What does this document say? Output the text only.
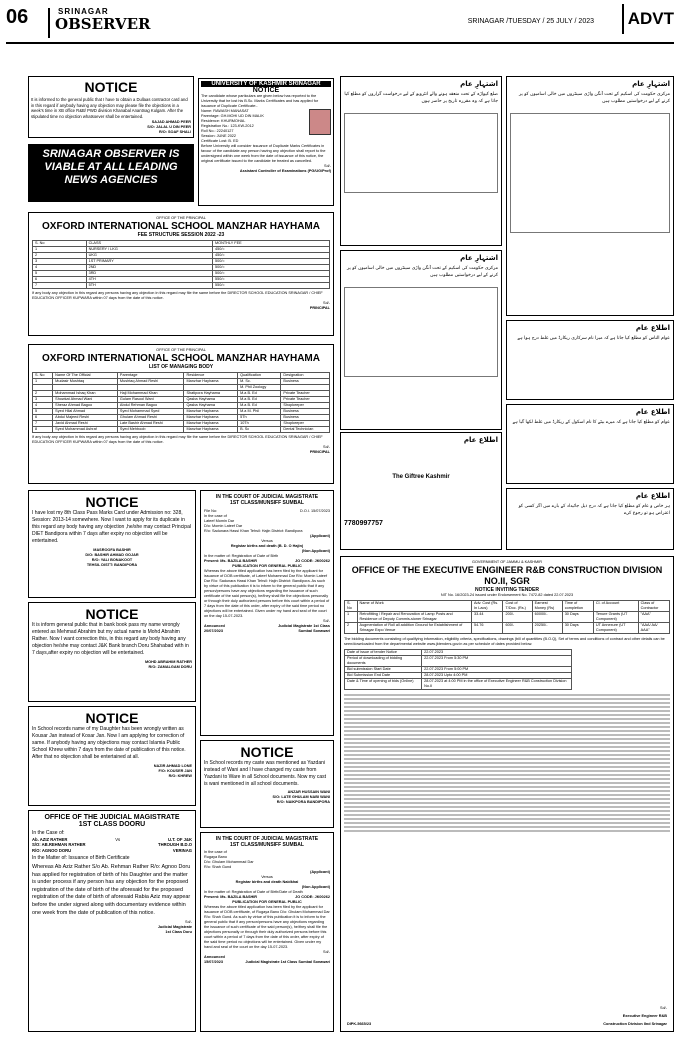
06	SRINAGAR
OBSERVER	SRINAGAR /TUESDAY / 25 JULY / 2023	ADVT
NOTICE
It is informed to the general public that I have to obtain a Dullaas contractor card and in this regard if anybody having any objection may please file the objections in a week's time in XB office R&B/ PWD division Khanabal Anantnag Kulgam. After the stipulated time no objection whatsoever shall be entertained.
SAJAD AHMAD PEER
S/O: JALAL U DIN PEER
R/O: SOAF SHALI
SRINAGAR OBSERVER IS VIABLE AT ALL LEADING NEWS AGENCIES
UNIVERSITY OF KASHMIR SRINAGAR
NOTICE
The candidate whose particulars are given below has reported to the University that he lost his B.Sc. Marks Certificates and has applied for issuance of Duplicate Certificate:-
Name: RAWASH MANASAT
Parentage: GH.MOHI UD DIN MALIK
Residence: KHURMOHAL
Registration No.: 123-KW-2012
Roll No.: 22240127
Session: JUNE 2022
Certificate Lost: B. ED
Before University will consider issuance of Duplicate Marks Certificates in favour of the candidate any person having any objection shall report to the undersigned within one week from the date of issuance of this notice, the original certificate issued to the candidate be treated as cancelled.
Sd/-
Assistant Controller of Examinations (PG/UG/Prof)
OFFICE OF THE PRINCIPAL
OXFORD INTERNATIONAL SCHOOL MANZHAR HAYHAMA
FEE STRUCTURE SESSION 2022 -23
S. No	CLASS	MONTHLY FEE
1	NURSERY / LKG	450/=
2	UKG	450/=
3	1ST PRIMARY	500/=
4	2ND	500/=
5	3RD	500/=
6	4TH	550/=
7	5TH	550/=
If any body any objection in this regard any persons having any objection in this regard may file the same before the DIRECTOR SCHOOL EDUCATION SRINAGAR / CHIEF EDUCATION OFFICER KUPWARA within 07 days from the date of this notice.
Sd/-
PRINCIPAL
OFFICE OF THE PRINCIPAL
OXFORD INTERNATIONAL SCHOOL MANZHAR HAYHAMA
LIST OF MANAGING BODY
S. No	Name Of The Official	Parentage	Residence	Qualification	Designation
1	Mudasir Mushtaq	Mushtaq Ahmad Reshi	Manzhar Hayhama	M. Sc.	Business
				M. Phil Zoology	
2	Mohammad Ishaq Khan	Haji Mohammad Khan	Shatipora Hayhama	M.a B. Ed	Private Teacher
3	Showkat Ahmad Wani	Gulam Rasool Wani	Qasba Hayhama	M.a B. Ed	Private Teacher
4	Sheraz Ahmad Bagoo	Abdul Rehman Bagoo	Qasba Hayhama	M.a B. Ed	Shopkeeper
5	Syed Hilal Ahmad	Syed Mohammad Syed	Manzhar Hayhama	M.a M. Phil	Business
6	Abdul Majeed Reshi	Ghulam Ahmad Reshi	Manzhar Hayhama	5Th	Business
7	Javid Ahmad Reshi	Late Bashir Ahmad Reshi	Manzhar Hayhama	10Th	Shopkeeper
8	Syed Mohammad Ashraf	Syed Mehboob	Manzhar Hayhama	B. Sc	Dental Technician
If any body any objection in this regard any persons having any objection in this regard may file the same before the DIRECTOR SCHOOL EDUCATION SRINAGAR / CHIEF EDUCATION OFFICER KUPWARA within 07 days from the date of this notice.
Sd/-
PRINCIPAL
NOTICE
I have lost my 8th Class Pass Marks Card under Admission no: 328, Session: 2013-14 somewhere. Now I want to apply for its duplicate in this regard any body having any objection ,he/she may contact Principal DIET Bandipora within 7 days after expiry no objection will be entertained.
MASROOFA BASHIR
D/O: BASHIR AHMAD GOJAR
R/O: YALI BONAKOOT
TEHSIL DISTT: BANDIPORA
NOTICE
It is inform general public that in bank book pass my name wrongly entered as Mehmad Abrahim but my actual name is Mohd Abrahim Rather. Now I want correction this, in this regard any body having any objection he/she may contact J&K Bank branch Doru Shahabad with in 7 days,after expiry no objection will be entertained.
MOHD ABRAHIM RATHER
R/O: ZAMALGAM DORU
NOTICE
In School records name of my Daughter has been wrongly written as Kousar Jan instead of Kosar Jan. Now I am applying for correction of same. If anybody having any objections may contact Islamia Public School Khrew within 7 days from the date of publication of this notice. After that no objection shall be entertained at all.
NAZIR AHMAD LONE
F/O: KOUSER JAN
R/O: KHREW
OFFICE OF THE JUDICIAL MAGISTRATE
1ST CLASS DOORU
In the Case of:
Ab. AZIZ RATHER	Vs	U.T. OF J&K
S/O: AB.REHMAN RATHER	THROUGH B.D.O
R/O: AGNOO DORU	VERINAG
In the Matter of: Issuance of Birth Certificate
Whereas Ab Aziz Rather S/o Ab. Rehman Rather R/o: Agnoo Doru has applied for registration of birth of his Daughter and the matter is under process if any person has any objection for the proposed registration of the date of birth of the aforesaid for the proposed registration of the date of birth of aforesaid Rabia Aziz may appear before the under signed along with documentary evidence within one week from the date of publication of this notice.
Sd/-
Judicial Magistrate
1st Class Doru
IN THE COURT OF JUDICIAL MAGISTRATE
1ST CLASS/MUNSIFF SUMBAL
File No:	D.O.I. 15/07/2023
In the case of
Lateef Momin Dar
D/o: Momin Lateef Dar
R/o: Sadunara Hassi Khan Tehsil: Hajin District: Bandipora
(Applicant)
Versus
Registar births and death (B. D. O Hajin)
(Non Applicant)
In the matter of: Registration of Date of Birth
Present: Ms. BAZILA BASHIR	JO CODE: JK00262
PUBLICATION FOR GENERAL PUBLIC
Whereas the above titled application has been filed by the applicant for issuance of DOB certificate, of Lateef Mohammad Dar R/o: Momin Lateef Dar R/o: Sadunara Hassi Khan Tehsil: Hajin District: Bandipora. As such by virtue of this publication it is to inform to the general public that if any person/persons have any objections regarding the issuance of such certificate of the said person(s), he/they shall file the objections personally or through their duly authorized persons before this court within a period of 7 days from the date of this order, after expiry of the said time period no objections will be entertained. Given under my hand and seal of the court on the day 15-07-2023.
Sd/-
Announced	Judicial Magistrate 1st Class
20/07/2023	Sumbal Sonawari
NOTICE
In School records my caste was mentioned as Yazdani instead of Wani and I have changed my caste from Yazdani to Ware in all School documents. Now my cast is wani mentioned in all school documents.
ANZAR HUSSAIN WANI
S/O: LATE GHULAM NABI WANI
R/O: NAIKPORA BANDIPORA
IN THE COURT OF JUDICIAL MAGISTRATE
1ST CLASS/MUNSIFF SUMBAL
In the case of
Rugaya Bano
D/o: Ghulam Mohammad Dar
R/o: Shah Gund
(Applicant)
Versus
Registar births and death Naidkhai
(Non Applicant)
In the matter of: Registration of Date of Birth/Date of Death
Present: Ms. BAZILA BASHIR	JO CODE: JK00262
PUBLICATION FOR GENERAL PUBLIC
Whereas the above titled application has been filed by the applicant for issuance of DOB certificate, of Rugaya Bano D/o: Ghulam Mohammad Dar R/o: Shah Gund. As such by virtue of this publication it is to inform to the general public that if any person/persons have any objections regarding the issuance of such certificate of the said person(s), he/they shall file the objections personally or through their duly authorized persons before this court within a period of 7 days from the date of this order, after expiry of the said time period no objections will be entertained. Given under my hand and seal of the court on the day 15-07-2023.
Sd/-
Announced
15/07/2023	Judicial Magistrate 1st Class Sumbal Sonawari
اشتہارِ عام
ضلع کپواڑہ کے تحت منعقد ہونے والے انٹرویو کے لیے درخواست گزاروں کو مطلع کیا جاتا ہے کہ وہ مقررہ تاریخ پر حاضر ہوں
اشتہارِ عام
مرکزی حکومت کی اسکیم کے تحت آنگن واڑی سینٹروں میں خالی اسامیوں کو پر کرنے کے لیے درخواستیں مطلوب ہیں
اطلاع عام
The Giftree Kashmir
7780997757
اشتہارِ عام
مرکزی حکومت کی اسکیم کے تحت آنگن واڑی سینٹروں میں خالی اسامیوں کو پر کرنے کے لیے درخواستیں مطلوب ہیں
اطلاع عام
عوام الناس کو مطلع کیا جاتا ہے کہ میرا نام سرکاری ریکارڈ میں غلط درج ہوا ہے
اطلاع عام
عوام کو مطلع کیا جاتا ہے کہ میرے بیٹے کا نام اسکول کے ریکارڈ میں غلط لکھا گیا ہے
اطلاع عام
ہر خاص و عام کو مطلع کیا جاتا ہے کہ درج ذیل جائیداد کے بارے میں اگر کسی کو اعتراض ہو تو رجوع کرے
GOVERNMENT OF JAMMU & KASHMIR
OFFICE OF THE EXECUTIVE ENGINEER R&B CONSTRUCTION DIVISION NO.II, SGR
NOTICE INVITING TENDER
NIT No. 16/2023-24 issued under Endorsement No. 7472-82 dated 22.07.2023
S. No	Name of Work	Adv. Cost (Rs. In Lacs)	Cost of T/Doc. (Rs.)	Earnest Money (Rs)	Time of completion	Cl. of Account	Class of Contractor
1	Retrofitting / Repair and Renovation of Lamp Posts and Residence of Deputy Commis-sioner Srinagar	33.44	200/-	60000/-	30 Days	Tenure Grants (UT Component)	"AAA"
2	Augmentation of Roll all addition Ground for Establishment of Srinagar Expo Venue	54.76	600/-	20250/-	30 Days	UT Annexure (UT Component)	"AAA/ AA/ AAA"
The bidding documents consisting of qualifying information, eligibility criteria, specifications, drawings (bill of quantities (B.O.Q), Set of terms and conditions of contract and other details can be seen/downloaded from the departmental website www.jktenders.gov.in as per schedule of dates provided below.
Date of issue of tender Notice	22.07.2023
Period of downloading of bidding documents	22.07.2023 From 5:30 PM
Bid submission Start Date	22.07.2023 From 5:00 PM
Bid Submission End Date	28.07.2023 Upto 4:00 PM
Date & Time of opening of bids (Online)	28.07.2023 at 4:00 PM in the office of Executive Engineer R&B Construction Division No.II
Sd/-
Executive Engineer R&B
Construction Division IInd Srinagar
DIPK-5665/23
